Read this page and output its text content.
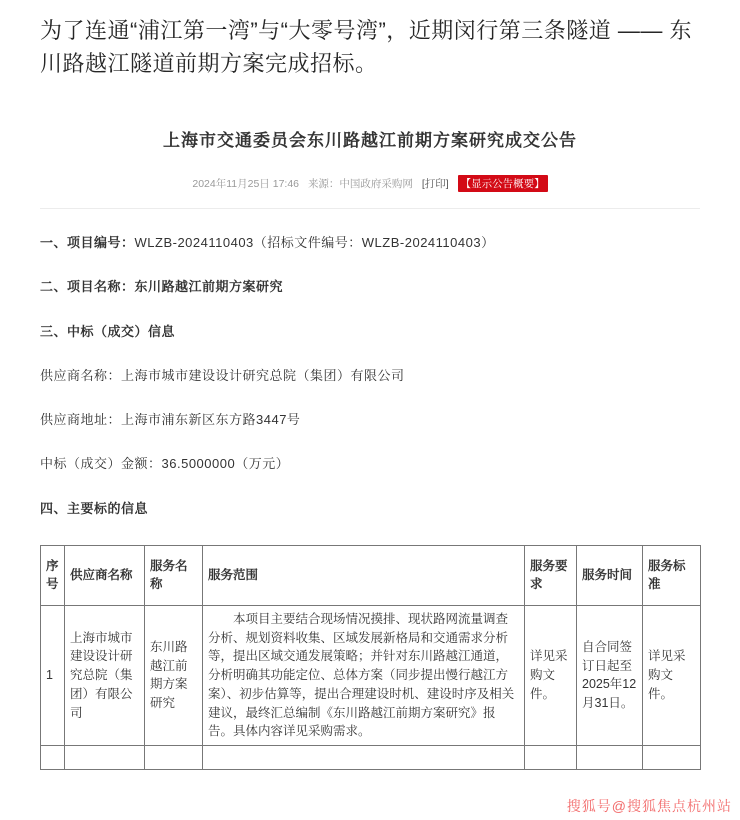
为了连通“浦江第一湾”与“大零号湾”，近期闵行第三条隧道 —— 东川路越江隧道前期方案完成招标。

上海市交通委员会东川路越江前期方案研究成交公告
2024年11月25日 17:46 来源：中国政府采购网 [打印] 【显示公告概要】

一、项目编号：WLZB-2024110403（招标文件编号：WLZB-2024110403）

二、项目名称：东川路越江前期方案研究

三、中标（成交）信息

供应商名称：上海市城市建设设计研究总院（集团）有限公司

供应商地址：上海市浦东新区东方路3447号

中标（成交）金额：36.5000000（万元）

四、主要标的信息

序号	供应商名称	服务名称	服务范围	服务要求	服务时间	服务标准
1	上海市城市建设设计研究总院（集团）有限公司	东川路越江前期方案研究	本项目主要结合现场情况摸排、现状路网流量调查分析、规划资料收集、区域发展新格局和交通需求分析等，提出区域交通发展策略；并针对东川路越江通道，分析明确其功能定位、总体方案（同步提出慢行越江方案）、初步估算等，提出合理建设时机、建设时序及相关建议，最终汇总编制《东川路越江前期方案研究》报告。具体内容详见采购需求。	详见采购文件。	自合同签订日起至2025年12月31日。	详见采购文件。

搜狐号@搜狐焦点杭州站
